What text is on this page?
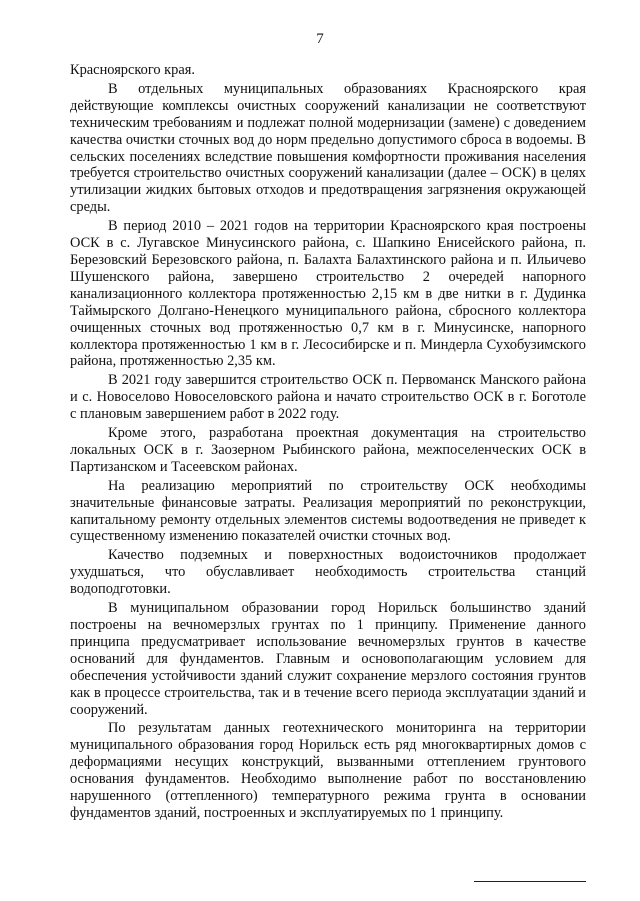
7

Красноярского края.

В отдельных муниципальных образованиях Красноярского края действующие комплексы очистных сооружений канализации не соответствуют техническим требованиям и подлежат полной модернизации (замене) с доведением качества очистки сточных вод до норм предельно допустимого сброса в водоемы. В сельских поселениях вследствие повышения комфортности проживания населения требуется строительство очистных сооружений канализации (далее – ОСК) в целях утилизации жидких бытовых отходов и предотвращения загрязнения окружающей среды.

В период 2010 – 2021 годов на территории Красноярского края построены ОСК в с. Лугавское Минусинского района, с. Шапкино Енисейского района, п. Березовский Березовского района, п. Балахта Балахтинского района и п. Ильичево Шушенского района, завершено строительство 2 очередей напорного канализационного коллектора протяженностью 2,15 км в две нитки в г. Дудинка Таймырского Долгано-Ненецкого муниципального района, сбросного коллектора очищенных сточных вод протяженностью 0,7 км в г. Минусинске, напорного коллектора протяженностью 1 км в г. Лесосибирске и п. Миндерла Сухобузимского района, протяженностью 2,35 км.

В 2021 году завершится строительство ОСК п. Первоманск Манского района и с. Новоселово Новоселовского района и начато строительство ОСК в г. Боготоле с плановым завершением работ в 2022 году.

Кроме этого, разработана проектная документация на строительство локальных ОСК в г. Заозерном Рыбинского района, межпоселенческих ОСК в Партизанском и Тасеевском районах.

На реализацию мероприятий по строительству ОСК необходимы значительные финансовые затраты. Реализация мероприятий по реконструкции, капитальному ремонту отдельных элементов системы водоотведения не приведет к существенному изменению показателей очистки сточных вод.

Качество подземных и поверхностных водоисточников продолжает ухудшаться, что обуславливает необходимость строительства станций водоподготовки.

В муниципальном образовании город Норильск большинство зданий построены на вечномерзлых грунтах по 1 принципу. Применение данного принципа предусматривает использование вечномерзлых грунтов в качестве оснований для фундаментов. Главным и основополагающим условием для обеспечения устойчивости зданий служит сохранение мерзлого состояния грунтов как в процессе строительства, так и в течение всего периода эксплуатации зданий и сооружений.

По результатам данных геотехнического мониторинга на территории муниципального образования город Норильск есть ряд многоквартирных домов с деформациями несущих конструкций, вызванными оттеплением грунтового основания фундаментов. Необходимо выполнение работ по восстановлению нарушенного (оттепленного) температурного режима грунта в основании фундаментов зданий, построенных и эксплуатируемых по 1 принципу.
